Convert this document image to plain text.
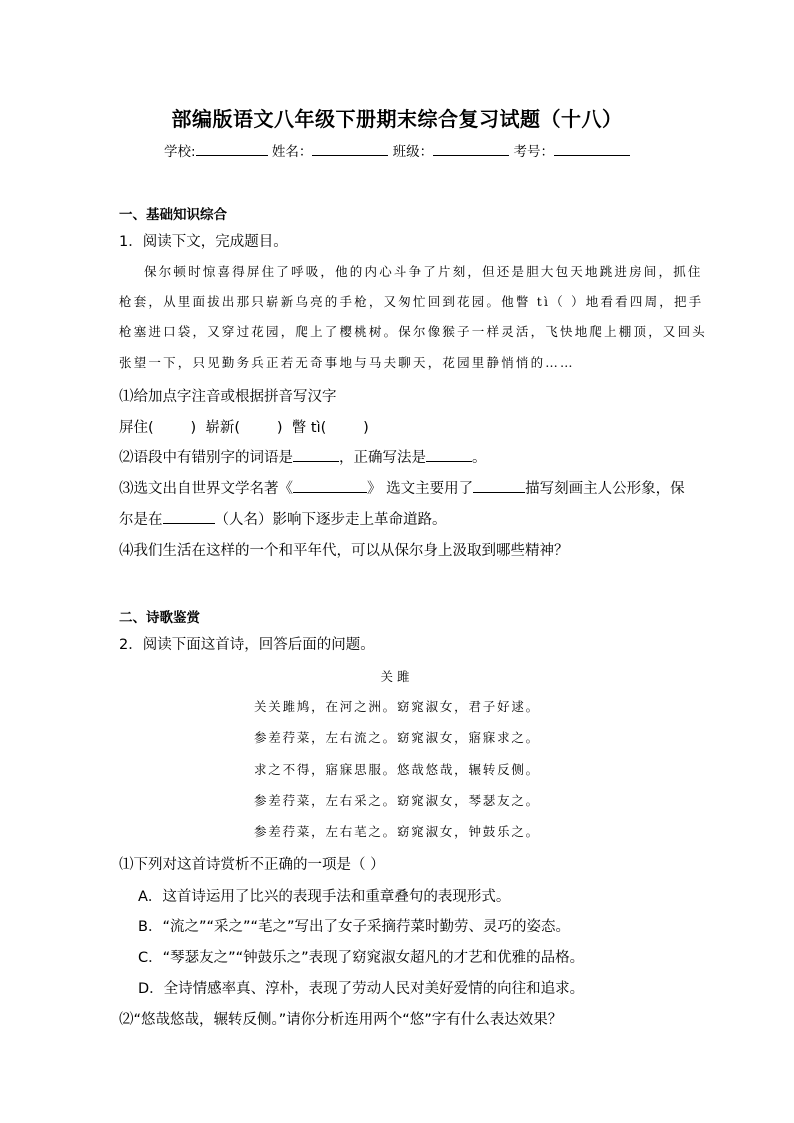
部编版语文八年级下册期末综合复习试题（十八）
学校:	姓名：	班级：	考号：
一、基础知识综合
1．阅读下文，完成题目。
保尔顿时惊喜得屏住了呼吸，他的内心斗争了片刻，但还是胆大包天地跳进房间，抓住
枪套，从里面拔出那只崭新乌亮的手枪，又匆忙回到花园。他瞥 tì（ ）地看看四周，把手
枪塞进口袋，又穿过花园，爬上了樱桃树。保尔像猴子一样灵活，飞快地爬上棚顶，又回头
张望一下，只见勤务兵正若无奇事地与马夫聊天，花园里静悄悄的……
⑴给加点字注音或根据拼音写汉字
屏住(        )  崭新(        )  瞥 tì(        )
⑵语段中有错别字的词语是	，正确写法是	。
⑶选文出自世界文学名著《	》 选文主要用了	描写刻画主人公形象，保
尔是在	（人名）影响下逐步走上革命道路。
⑷我们生活在这样的一个和平年代，可以从保尔身上汲取到哪些精神？
二、诗歌鉴赏
2．阅读下面这首诗，回答后面的问题。
关雎
关关雎鸠，在河之洲。窈窕淑女，君子好逑。
参差荇菜，左右流之。窈窕淑女，寤寐求之。
求之不得，寤寐思服。悠哉悠哉，辗转反侧。
参差荇菜，左右采之。窈窕淑女，琴瑟友之。
参差荇菜，左右芼之。窈窕淑女，钟鼓乐之。
⑴下列对这首诗赏析不正确的一项是（ ）
A．这首诗运用了比兴的表现手法和重章叠句的表现形式。
B．“流之”“采之”“芼之”写出了女子采摘荇菜时勤劳、灵巧的姿态。
C．“琴瑟友之”“钟鼓乐之”表现了窈窕淑女超凡的才艺和优雅的品格。
D．全诗情感率真、淳朴，表现了劳动人民对美好爱情的向往和追求。
⑵“悠哉悠哉，辗转反侧。”请你分析连用两个“悠”字有什么表达效果？
